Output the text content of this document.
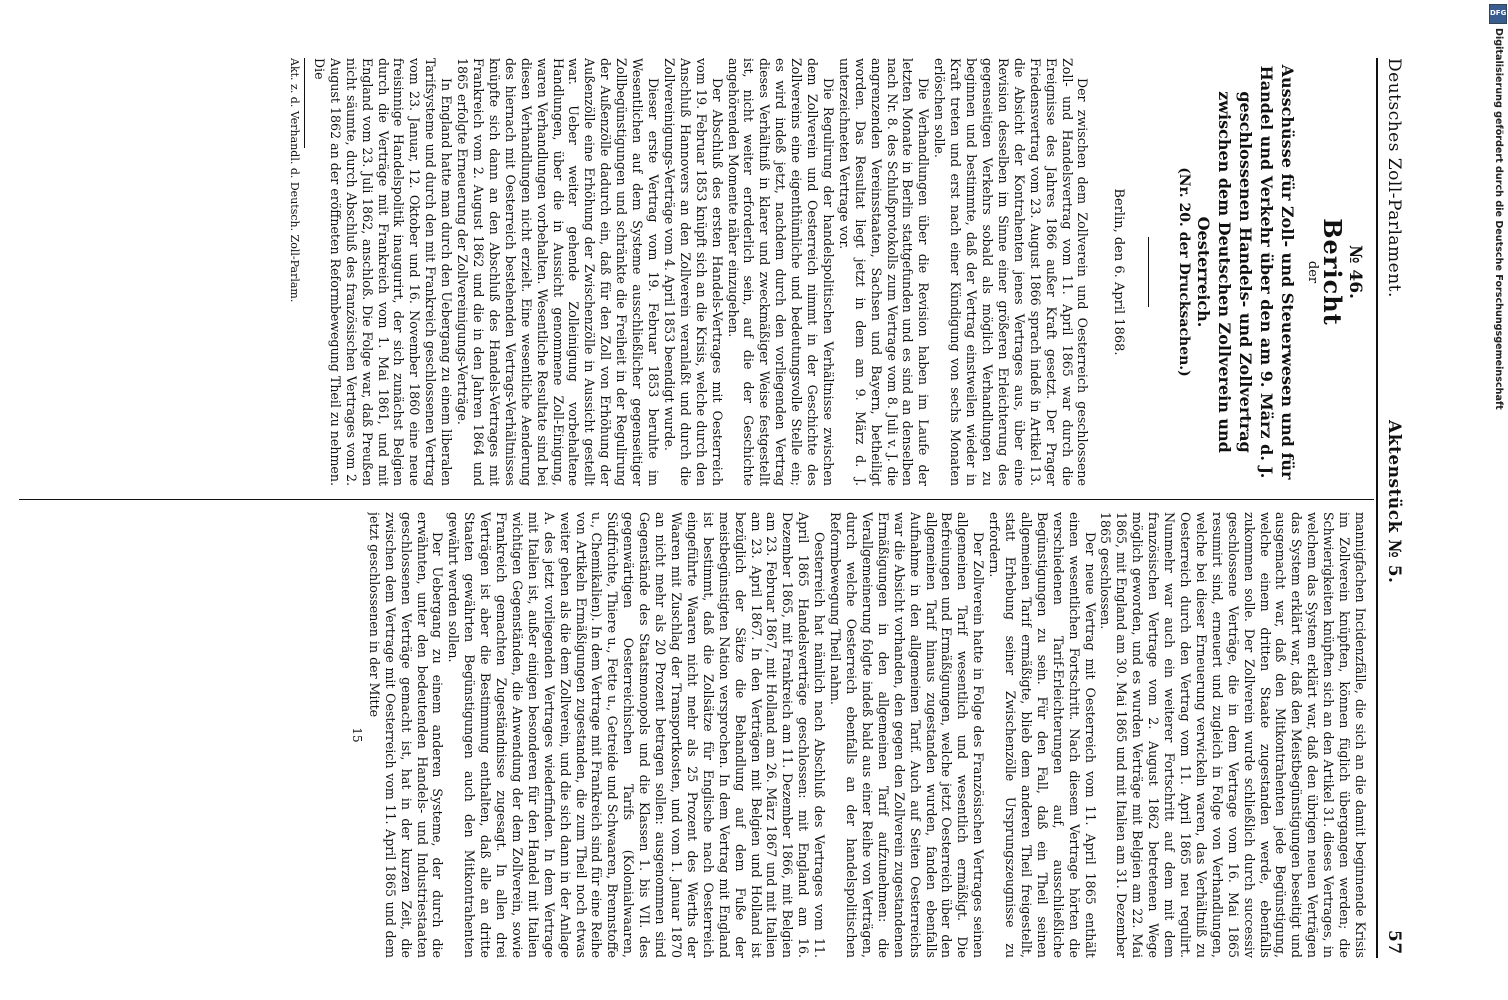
Deutsches Zoll-Parlament.
Aktenstück № 5.
57
№ 46.
Bericht
der
Ausschüsse für Zoll- und Steuerwesen und für Handel und Verkehr über den am 9. März d. J. geschlossenen Handels- und Zollvertrag zwischen dem Deutschen Zollverein und Oesterreich.
(Nr. 20. der Drucksachen.)
Berlin, den 6. April 1868.

Der zwischen dem Zollverein und Oesterreich geschlossene Zoll- und Handelsvertrag vom 11. April 1865 war durch die Ereignisse des Jahres 1866 außer Kraft gesetzt. Der Prager Friedensvertrag vom 23. August 1866 sprach indeß in Artikel 13. die Absicht der Kontrahenten jenes Vertrages aus, über eine Revision desselben im Sinne einer größeren Erleichterung des gegenseitigen Verkehrs sobald als möglich Verhandlungen zu beginnen und bestimmte, daß der Vertrag einstweilen wieder in Kraft treten und erst nach einer Kündigung von sechs Monaten erlöschen solle.

Die Verhandlungen über die Revision haben im Laufe der letzten Monate in Berlin stattgefunden und es sind an denselben nach Nr. 8. des Schlußprotokolls zum Vertrage vom 8. Juli v. J. die angrenzenden Vereinsstaaten, Sachsen und Bayern, betheiligt worden. Das Resultat liegt jetzt in dem am 9. März d. J. unterzeichneten Vertrage vor.

Die Regulirung der handelspolitischen Verhältnisse zwischen dem Zollverein und Oesterreich nimmt in der Geschichte des Zollvereins eine eigenthümliche und bedeutungsvolle Stelle ein; es wird indeß jetzt, nachdem durch den vorliegenden Vertrag dieses Verhältniß in klarer und zweckmäßiger Weise festgestellt ist, nicht weiter erforderlich sein, auf die der Geschichte angehörenden Momente näher einzugehen.

Der Abschluß des ersten Handels-Vertrages mit Oesterreich vom 19. Februar 1853 knüpft sich an die Krisis, welche durch den Anschluß Hannovers an den Zollverein veranlaßt und durch die Zollvereinigungs-Verträge vom 4. April 1853 beendigt wurde.

Dieser erste Vertrag vom 19. Februar 1853 beruhte im Wesentlichen auf dem Systeme ausschließlicher gegenseitiger Zollbegünstigungen und schränkte die Freiheit in der Regulirung der Außenzölle dadurch ein, daß für den Zoll von Erhöhung der Außenzölle eine Erhöhung der Zwischenzölle in Aussicht gestellt war. Ueber weiter gehende Zolleinigung vorbehaltene Handlungen, über die in Aussicht genommene Zoll-Einigung, waren Verhandlungen vorbehalten. Wesentliche Resultate sind bei diesen Verhandlungen nicht erzielt. Eine wesentliche Aenderung des hiernach mit Oesterreich bestehenden Vertrags-Verhältnisses knüpfte sich dann an den Abschluß des Handels-Vertrages mit Frankreich vom 2. August 1862 und die in den Jahren 1864 und 1865 erfolgte Erneuerung der Zollvereinigungs-Verträge.

In England hatte man durch den Uebergang zu einem liberalen Tarifsysteme und durch den mit Frankreich geschlossenen Vertrag vom 23. Januar, 12. Oktober und 16. November 1860 eine neue freisinnige Handelspolitik inaugurirt, der sich zunächst Belgien durch die Verträge mit Frankreich vom 1. Mai 1861, und mit England vom 23. Juli 1862, anschloß. Die Folge war, daß Preußen nicht säumte, durch Abschluß des französischen Vertrages vom 2. August 1862 an der eröffneten Reformbewegung Theil zu nehmen. Die

Akt. z. d. Verhandl. d. Deutsch. Zoll-Parlam.

mannigfachen Incidenzfälle, die sich an die damit beginnende Krisis im Zollverein knüpften, können füglich übergangen werden; die Schwierigkeiten knüpften sich an den Artikel 31. dieses Vertrages, in welchem das System erklärt war, daß den übrigen neuen Verträgen das System erklärt war, daß den Meistbegünstigungen beseitigt und ausgemacht war, daß den Mitkontrahenten jede Begünstigung, welche einem dritten Staate zugestanden werde, ebenfalls zukommen solle. Der Zollverein wurde schließlich durch successiv geschlossene Verträge, die in dem Vertrage vom 16. Mai 1865 resumirt sind, erneuert und zugleich in Folge von Verhandlungen, welche bei dieser Erneuerung verwickeln waren, das Verhältniß zu Oesterreich durch den Vertrag vom 11. April 1865 neu regulirt. Nunmehr war auch ein weiterer Fortschritt auf dem mit dem französischen Vertrage vom 2. August 1862 betretenen Wege möglich geworden, und es wurden Verträge mit Belgien am 22. Mai 1865, mit England am 30. Mai 1865 und mit Italien am 31. Dezember 1865 geschlossen.

Der neue Vertrag mit Oesterreich vom 11. April 1865 enthält einen wesentlichen Fortschritt. Nach diesem Vertrage hörten die verschiedenen Tarif-Erleichterungen auf, ausschließliche Begünstigungen zu sein. Für den Fall, daß ein Theil seinen allgemeinen Tarif ermäßigte, blieb dem anderen Theil freigestellt, statt Erhebung seiner Zwischenzölle Ursprungszeugnisse zu erfordern.

Der Zollverein hatte in Folge des Französischen Vertrages seinen allgemeinen Tarif wesentlich und wesentlich ermäßigt. Die Befreiungen und Ermäßigungen, welche jetzt Oesterreich über den allgemeinen Tarif hinaus zugestanden wurden, fanden ebenfalls Aufnahme in den allgemeinen Tarif. Auch auf Seiten Oesterreichs war die Absicht vorhanden, den gegen den Zollverein zugestandenen Ermäßigungen in den allgemeinen Tarif aufzunehmen: die Verallgemeinerung folgte indeß bald aus einer Reihe von Verträgen, durch welche Oesterreich ebenfalls an der handelspolitischen Reformbewegung Theil nahm.

Oesterreich hat nämlich nach Abschluß des Vertrages vom 11. April 1865 Handelsverträge geschlossen: mit England am 16. Dezember 1865, mit Frankreich am 11. Dezember 1866, mit Belgien am 23. Februar 1867, mit Holland am 26. März 1867 und mit Italien am 23. April 1867. In den Verträgen mit Belgien und Holland ist bezüglich der Sätze die Behandlung auf dem Fuße der meistbegünstigten Nation versprochen. In dem Vertrag mit England ist bestimmt, daß die Zollsätze für Englische nach Oesterreich eingeführte Waaren nicht mehr als 25 Prozent des Werths der Waaren mit Zuschlag der Transportkosten, und vom 1. Januar 1870 an nicht mehr als 20 Prozent betragen sollen: ausgenommen sind Gegenstände des Staatsmonopols und die Klassen 1. bis VII. des gegenwärtigen Oesterreichischen Tarifs (Kolonialwaaren, Südfrüchte, Thiere u., Fette u., Getreide und Schwaaren, Brennstoffe u., Chemikalien). In dem Vertrage mit Frankreich sind für eine Reihe von Artikeln Ermäßigungen zugestanden, die zum Theil noch etwas weiter gehen als die dem Zollverein, und die sich dann in der Anlage A. des jetzt vorliegenden Vertrages wiederfinden. In dem Vertrage mit Italien ist, außer einigen besonderen für den Handel mit Italien wichtigen Gegenständen, die Anwendung der dem Zollverein, sowie Frankreich gemachten Zugeständnisse zugesagt. In allen drei Verträgen ist aber die Bestimmung enthalten, daß alle an dritte Staaten gewährten Begünstigungen auch den Mitkontrahenten gewährt werden sollen.

Der Uebergang zu einem anderen Systeme, der durch die erwähnten, unter den bedeutenden Handels- und Industriestaaten geschlossenen Verträge gemacht ist, hat in der kurzen Zeit, die zwischen dem Vertrage mit Oesterreich vom 11. April 1865 und dem jetzt geschlossenen in der Mitte

15
DFG
Digitalisierung gefördert durch die Deutsche Forschungsgemeinschaft
